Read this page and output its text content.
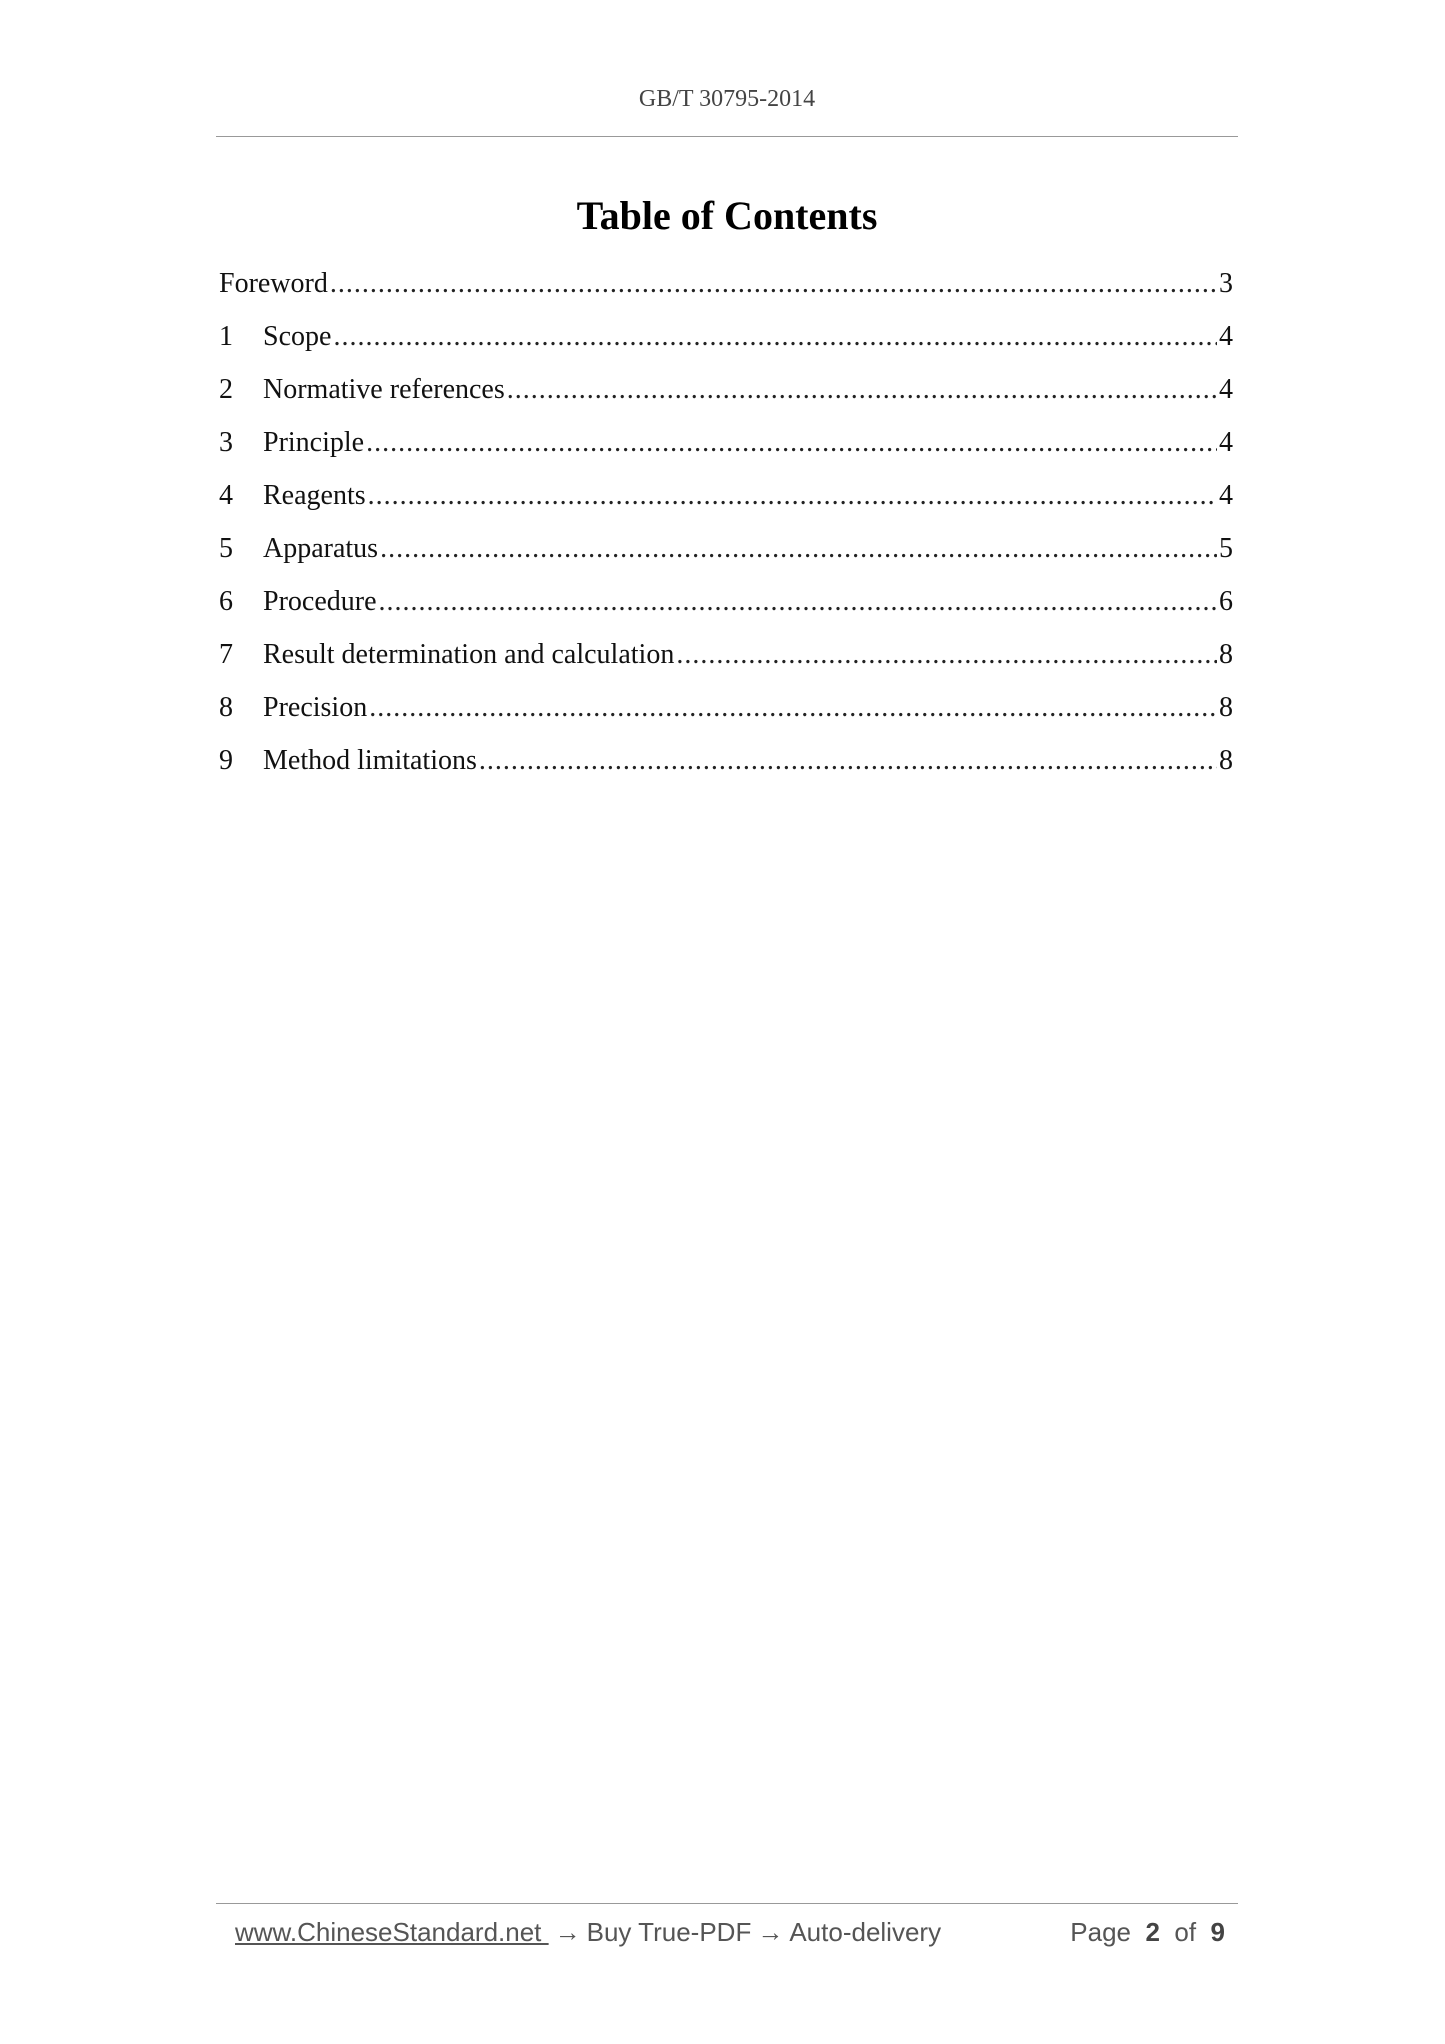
GB/T 30795-2014
Table of Contents
Foreword .....	3
1	Scope .....	4
2	Normative references .....	4
3	Principle .....	4
4	Reagents .....	4
5	Apparatus .....	5
6	Procedure .....	6
7	Result determination and calculation .....	8
8	Precision .....	8
9	Method limitations .....	8
www.ChineseStandard.net → Buy True-PDF → Auto-delivery	Page 2 of 9
